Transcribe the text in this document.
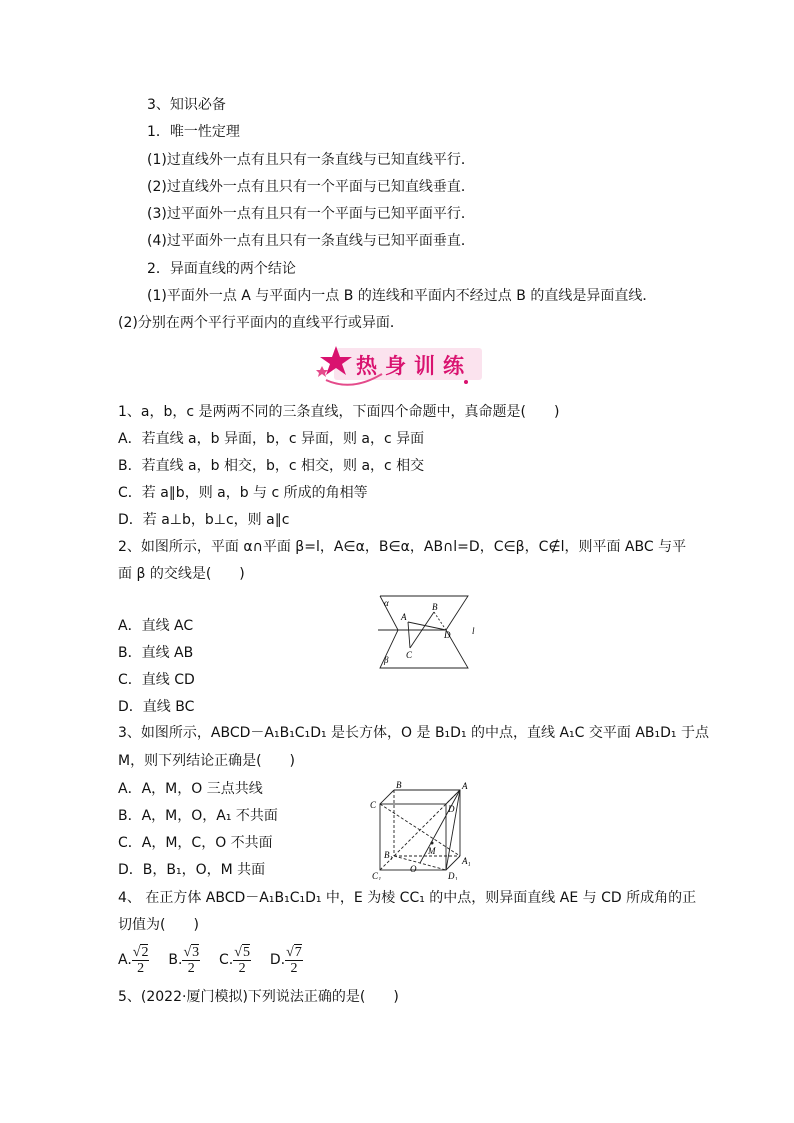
3、知识必备
1．唯一性定理
(1)过直线外一点有且只有一条直线与已知直线平行．
(2)过直线外一点有且只有一个平面与已知直线垂直．
(3)过平面外一点有且只有一个平面与已知平面平行．
(4)过平面外一点有且只有一条直线与已知平面垂直．
2．异面直线的两个结论
(1)平面外一点 A 与平面内一点 B 的连线和平面内不经过点 B 的直线是异面直线．
(2)分别在两个平行平面内的直线平行或异面．
热身训练
1、a，b，c 是两两不同的三条直线，下面四个命题中，真命题是(　　)
A．若直线 a，b 异面，b，c 异面，则 a，c 异面
B．若直线 a，b 相交，b，c 相交，则 a，c 相交
C．若 a∥b，则 a，b 与 c 所成的角相等
D．若 a⊥b，b⊥c，则 a∥c
2、如图所示，平面 α∩平面 β=l，A∈α，B∈α，AB∩l=D，C∈β，C∉l，则平面 ABC 与平
面 β 的交线是(　　)
A．直线 AC
B．直线 AB
C．直线 CD
D．直线 BC
α
β
A
B
C
D l
3、如图所示，ABCD－A₁B₁C₁D₁ 是长方体，O 是 B₁D₁ 的中点，直线 A₁C 交平面 AB₁D₁ 于点
M，则下列结论正确是(　　)
A．A，M，O 三点共线
B．A，M，O，A₁ 不共面
C．A，M，C，O 不共面
D．B，B₁，O，M 共面
B	A
C	D
B₁
A₁
C₁	D₁
M
O
4、 在正方体 ABCD－A₁B₁C₁D₁ 中，E 为棱 CC₁ 的中点，则异面直线 AE 与 CD 所成角的正
切值为(　　)
A. $\frac{√2}{2} B$. $\frac{√3}{2} C$. $\frac{√5}{2} D$. $\frac{√7}{2}$
5、(2022·厦门模拟)下列说法正确的是(　　)
